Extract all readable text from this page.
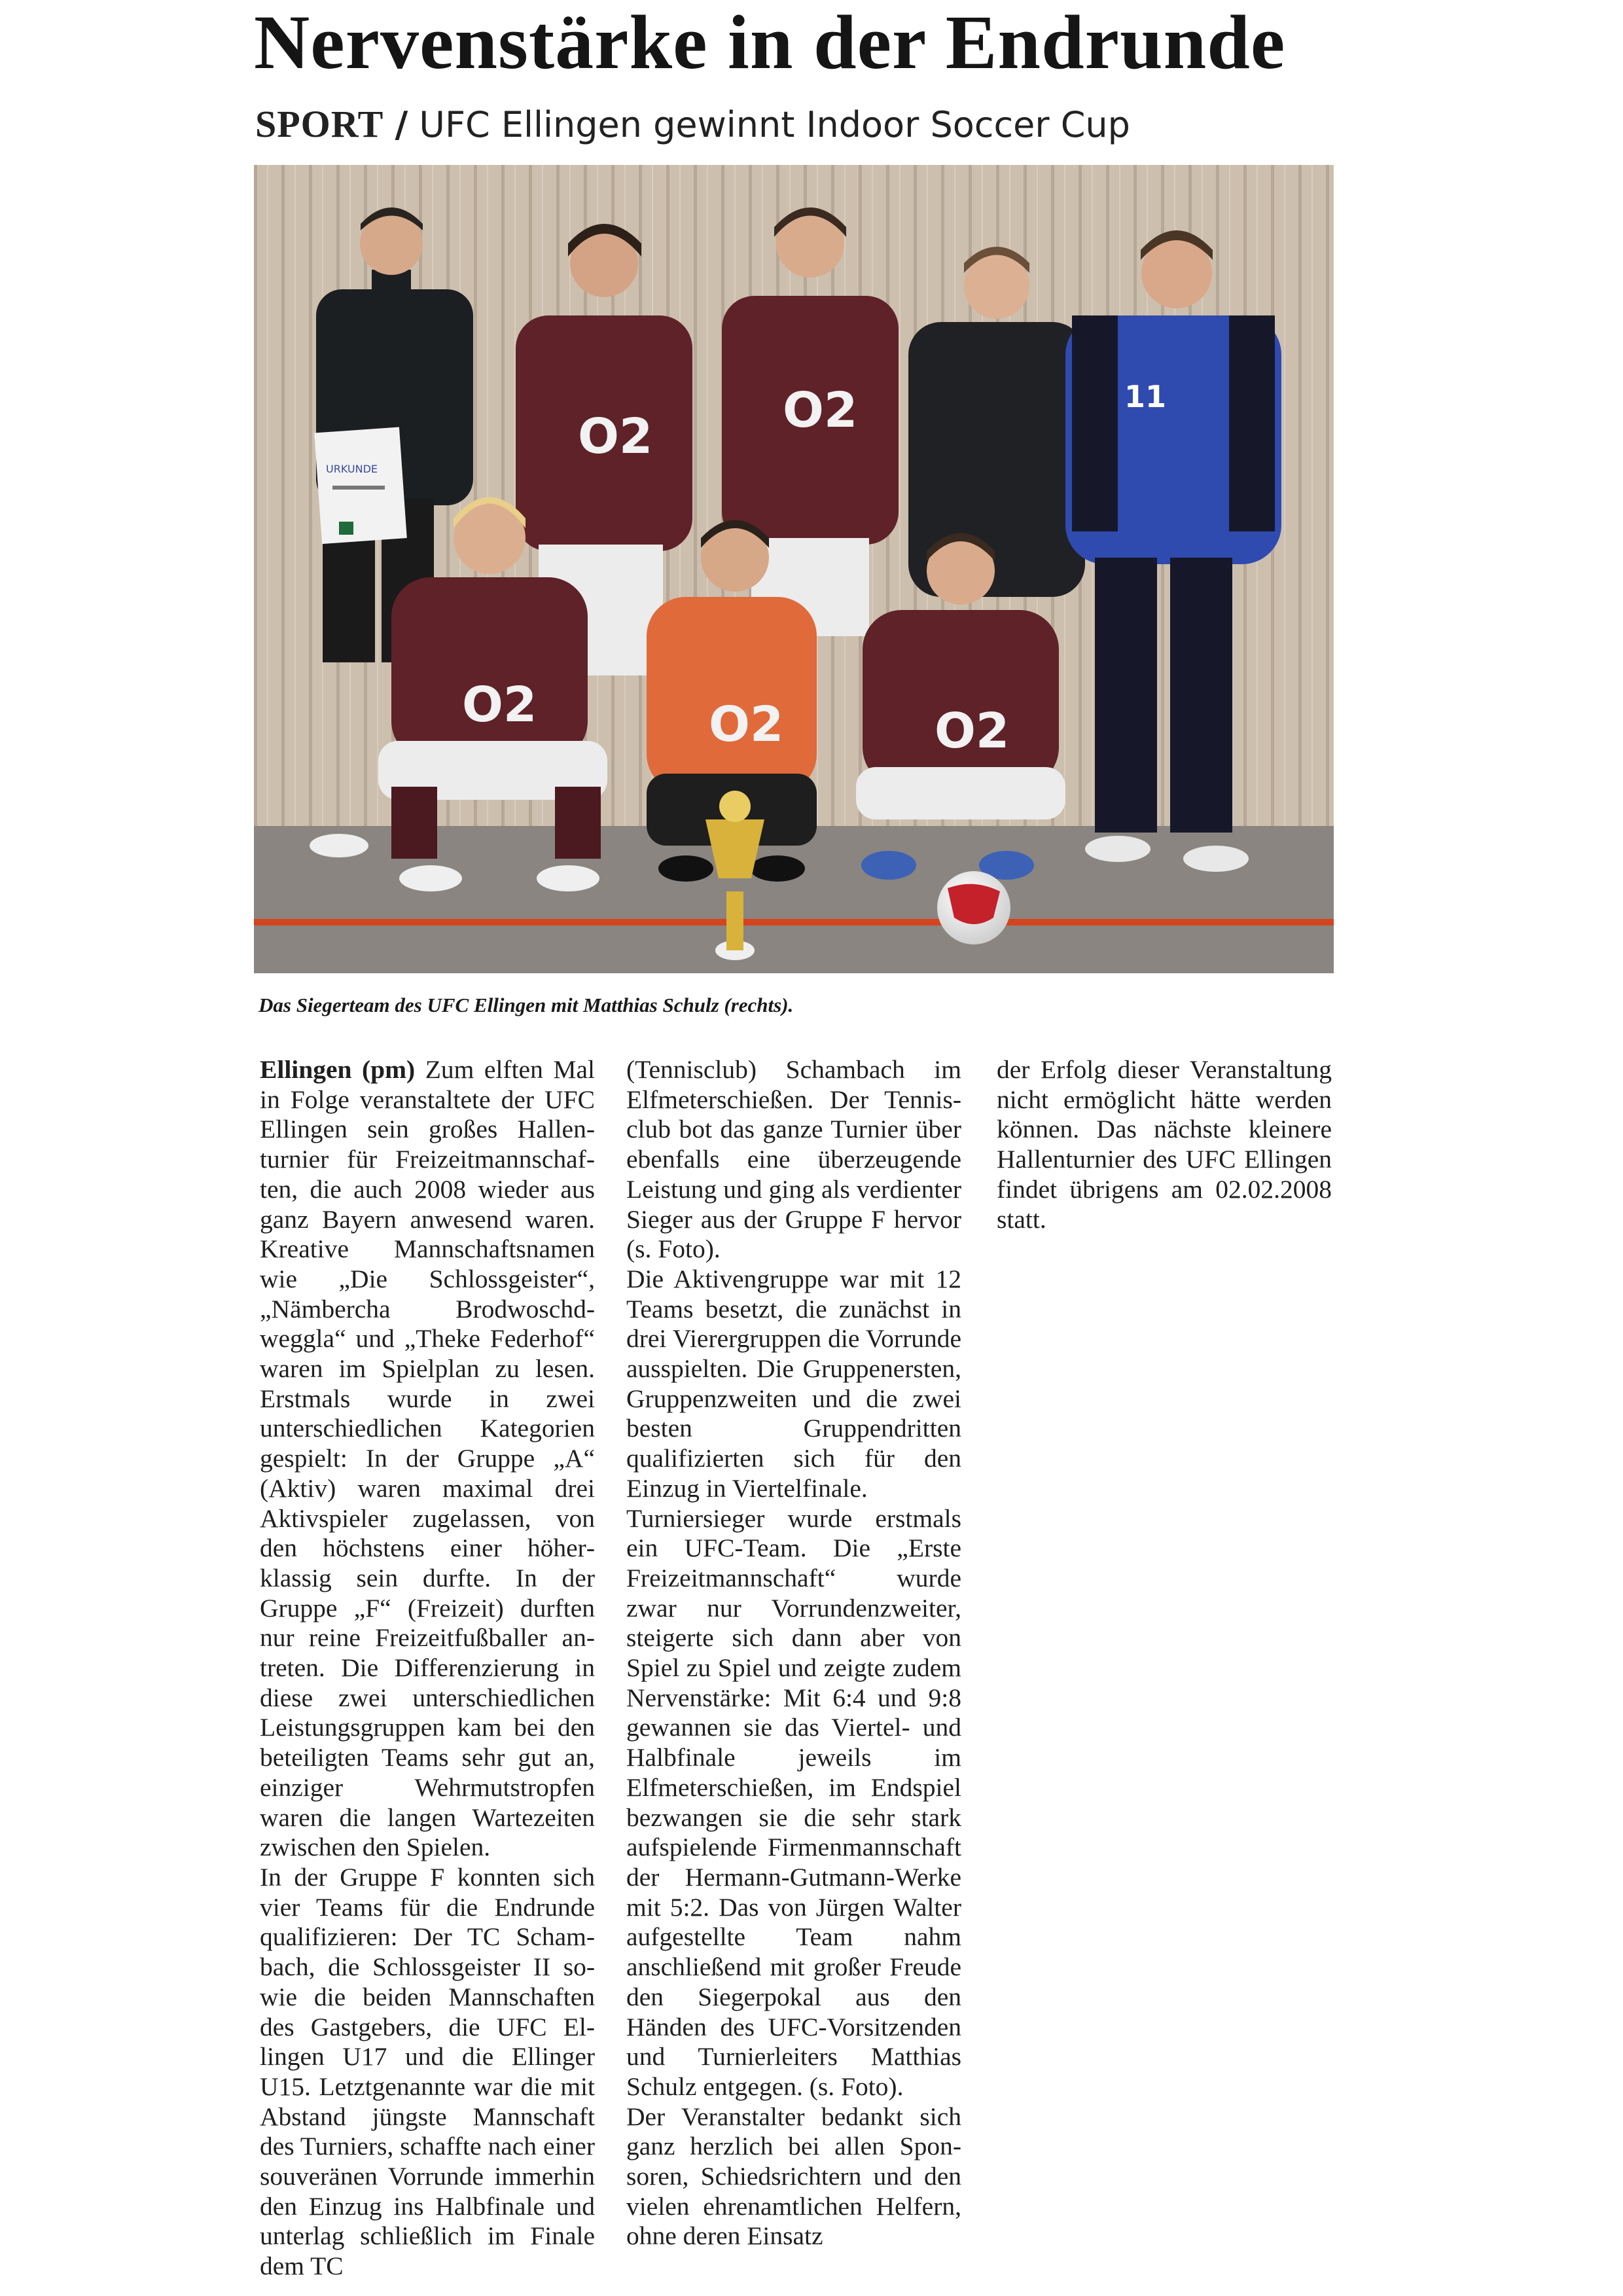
Nervenstärke in der Endrunde
SPORT / UFC Ellingen gewinnt Indoor Soccer Cup
URKUNDE
O2	O2	11
O2	O2	O2
Das Siegerteam des UFC Ellingen mit Matthias Schulz (rechts).

Ellingen (pm) Zum elften Mal in Folge veranstaltete der UFC Ellingen sein großes Hallenturnier für Freizeitmannschaften, die auch 2008 wieder aus ganz Bayern anwesend waren. Kreative Mannschaftsnamen wie „Die Schlossgeister“, „Nämbercha Brodwoschdweggla“ und „Theke Federhof“ waren im Spielplan zu lesen. Erstmals wurde in zwei unterschiedlichen Kategorien gespielt: In der Gruppe „A“ (Aktiv) waren maximal drei Aktivspieler zugelassen, von den höchstens einer höherklassig sein durfte. In der Gruppe „F“ (Freizeit) durften nur reine Freizeitfußballer antreten. Die Differenzierung in diese zwei unterschiedlichen Leistungsgruppen kam bei den beteiligten Teams sehr gut an, einziger Wehrmutstropfen waren die langen Wartezeiten zwischen den Spielen.

In der Gruppe F konnten sich vier Teams für die Endrunde qualifizieren: Der TC Schambach, die Schlossgeister II sowie die beiden Mannschaften des Gastgebers, die UFC Ellingen U17 und die Ellinger U15. Letztgenannte war die mit Abstand jüngste Mannschaft des Turniers, schaffte nach einer souveränen Vorrunde immerhin den Einzug ins Halbfinale und unterlag schließlich im Finale dem TC

(Tennisclub) Schambach im Elfmeterschießen. Der Tennisclub bot das ganze Turnier über ebenfalls eine überzeugende Leistung und ging als verdienter Sieger aus der Gruppe F hervor (s. Foto).

Die Aktivengruppe war mit 12 Teams besetzt, die zunächst in drei Vierergruppen die Vorrunde ausspielten. Die Gruppenersten, Gruppenzweiten und die zwei besten Gruppendritten qualifizierten sich für den Einzug in Viertelfinale.

Turniersieger wurde erstmals ein UFC-Team. Die „Erste Freizeitmannschaft“ wurde zwar nur Vorrundenzweiter, steigerte sich dann aber von Spiel zu Spiel und zeigte zudem Nervenstärke: Mit 6:4 und 9:8 gewannen sie das Viertel- und Halbfinale jeweils im Elfmeterschießen, im Endspiel bezwangen sie die sehr stark aufspielende Firmenmannschaft der Hermann-Gutmann-Werke mit 5:2. Das von Jürgen Walter aufgestellte Team nahm anschließend mit großer Freude den Siegerpokal aus den Händen des UFC-Vorsitzenden und Turnierleiters Matthias Schulz entgegen. (s. Foto).

Der Veranstalter bedankt sich ganz herzlich bei allen Sponsoren, Schiedsrichtern und den vielen ehrenamtlichen Helfern, ohne deren Einsatz

der Erfolg dieser Veranstaltung nicht ermöglicht hätte werden können. Das nächste kleinere Hallenturnier des UFC Ellingen findet übrigens am 02.02.2008 statt.
